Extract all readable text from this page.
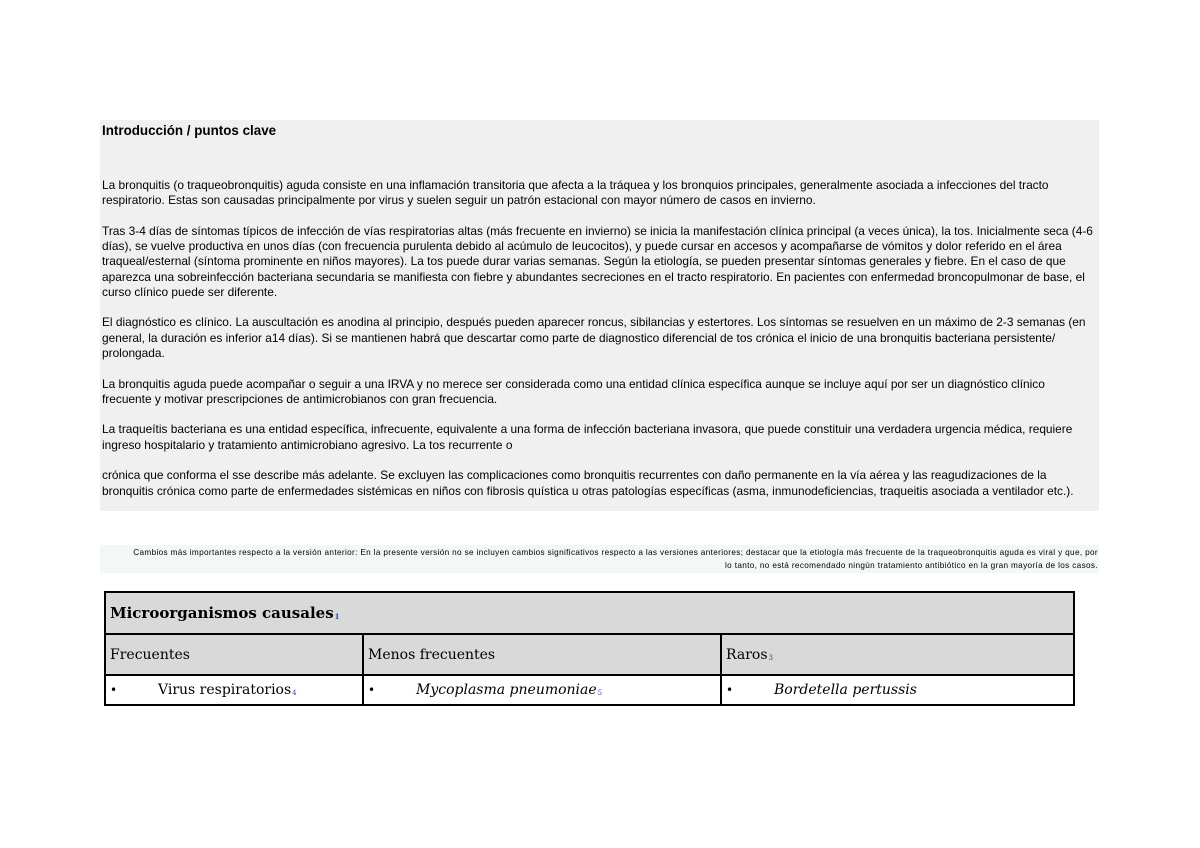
Introducción / puntos clave

La bronquitis (o traqueobronquitis) aguda consiste en una inflamación transitoria que afecta a la tráquea y los bronquios principales, generalmente asociada a infecciones del tracto respiratorio. Estas son causadas principalmente por virus y suelen seguir un patrón estacional con mayor número de casos en invierno.

Tras 3-4 días de síntomas típicos de infección de vías respiratorias altas (más frecuente en invierno) se inicia la manifestación clínica principal (a veces única), la tos. Inicialmente seca (4-6 días), se vuelve productiva en unos días (con frecuencia purulenta debido al acúmulo de leucocitos), y puede cursar en accesos y acompañarse de vómitos y dolor referido en el área traqueal/esternal (síntoma prominente en niños mayores). La tos puede durar varias semanas. Según la etiología, se pueden presentar síntomas generales y fiebre. En el caso de que aparezca una sobreinfección bacteriana secundaria se manifiesta con fiebre y abundantes secreciones en el tracto respiratorio. En pacientes con enfermedad broncopulmonar de base, el curso clínico puede ser diferente.

El diagnóstico es clínico. La auscultación es anodina al principio, después pueden aparecer roncus, sibilancias y estertores. Los síntomas se resuelven en un máximo de 2-3 semanas (en general, la duración es inferior a14 días). Si se mantienen habrá que descartar como parte de diagnostico diferencial de tos crónica el inicio de una bronquitis bacteriana persistente/ prolongada.

La bronquitis aguda puede acompañar o seguir a una IRVA y no merece ser considerada como una entidad clínica específica aunque se incluye aquí por ser un diagnóstico clínico frecuente y motivar prescripciones de antimicrobianos con gran frecuencia.

La traqueítis bacteriana es una entidad específica, infrecuente, equivalente a una forma de infección bacteriana invasora, que puede constituir una verdadera urgencia médica, requiere ingreso hospitalario y tratamiento antimicrobiano agresivo. La tos recurrente o

crónica que conforma el sse describe más adelante. Se excluyen las complicaciones como bronquitis recurrentes con daño permanente en la vía aérea y las reagudizaciones de la bronquitis crónica como parte de enfermedades sistémicas en niños con fibrosis quística u otras patologías específicas (asma, inmunodeficiencias, traqueitis asociada a ventilador etc.).

Cambios más importantes respecto a la versión anterior: En la presente versión no se incluyen cambios significativos respecto a las versiones anteriores; destacar que la etiología más frecuente de la traqueobronquitis aguda es viral y que, por lo tanto, no está recomendado ningún tratamiento antibiótico en la gran mayoría de los casos.
Microorganismos causales1		
Frecuentes	Menos frecuentes	Raros3
• Virus respiratorios4	• Mycoplasma pneumoniae5	• Bordetella pertussis
